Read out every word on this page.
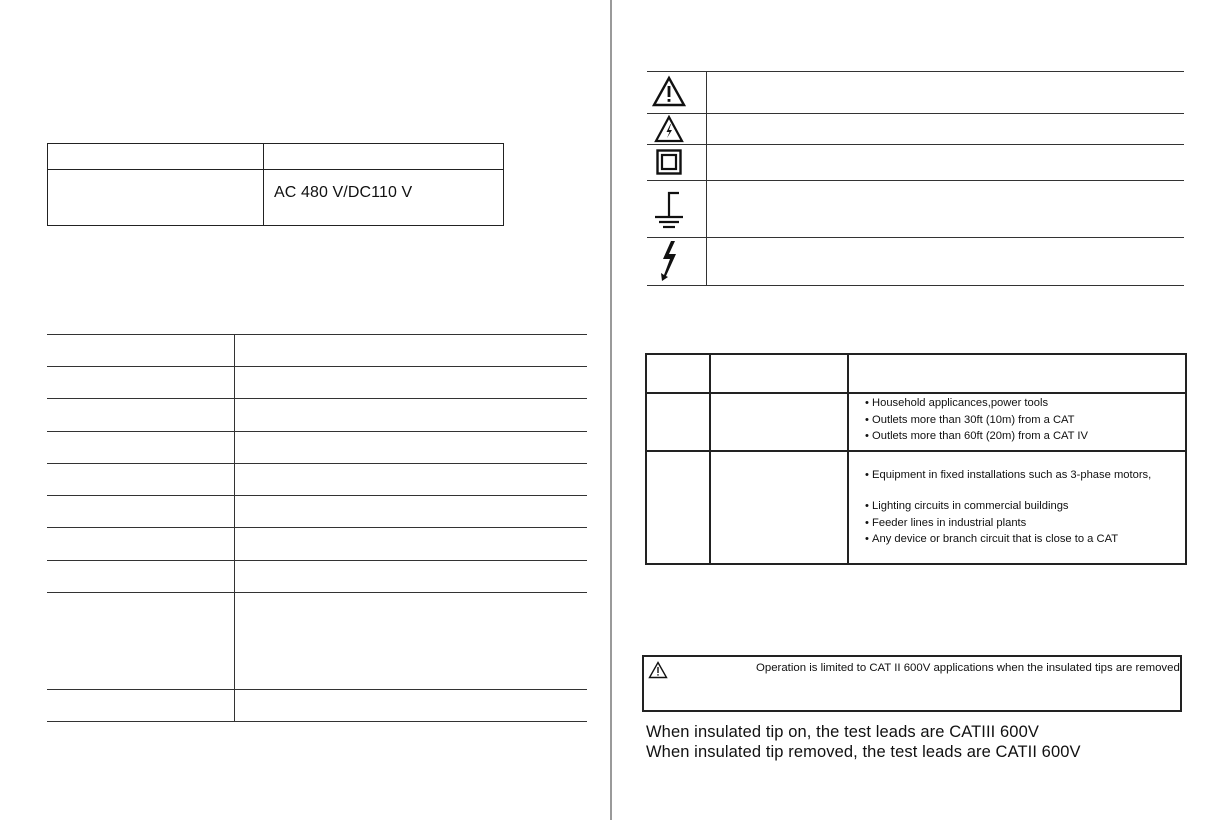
AC 480 V/DC110 V
• Household applicances,power tools
• Outlets more than 30ft (10m) from a CAT
• Outlets more than 60ft (20m) from a CAT IV
• Equipment in fixed installations such as 3-phase motors,
• Lighting circuits in commercial buildings
• Feeder lines in industrial plants
• Any device or branch circuit that is close to a CAT
Operation is limited to CAT II 600V applications when the insulated tips are removed
When insulated tip on, the test leads are CATIII 600V
When insulated tip removed, the test leads are CATII 600V
